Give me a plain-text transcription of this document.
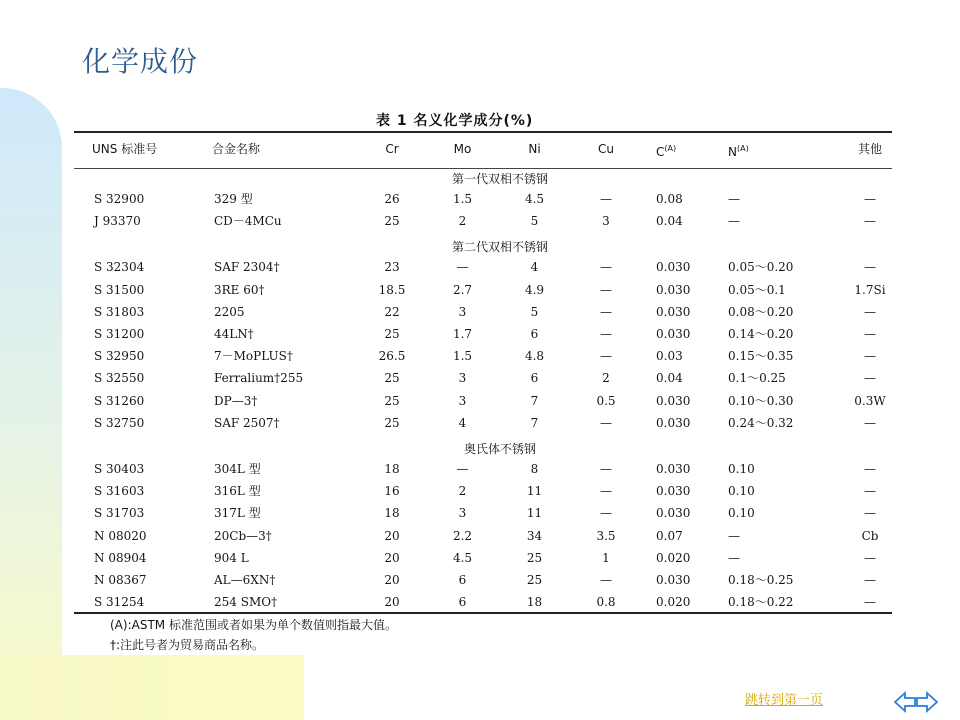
化学成份
表 1 名义化学成分(%)
UNS 标准号	合金名称	Cr	Mo	Ni	Cu	$C^{(A)}$	$N^{(A)}$	其他
第一代双相不锈钢
S 32900	329 型	26	1.5	4.5	—	0.08	—	—
J 93370	CD－4MCu	25	2	5	3	0.04	—	—
第二代双相不锈钢
S 32304	SAF 2304†	23	—	4	—	0.030	0.05～0.20	—
S 31500	3RE 60†	18.5	2.7	4.9	—	0.030	0.05～0.1	1.7Si
S 31803	2205	22	3	5	—	0.030	0.08～0.20	—
S 31200	44LN†	25	1.7	6	—	0.030	0.14～0.20	—
S 32950	7－MoPLUS†	26.5	1.5	4.8	—	0.03	0.15～0.35	—
S 32550	Ferralium†255	25	3	6	2	0.04	0.1～0.25	—
S 31260	DP—3†	25	3	7	0.5	0.030	0.10～0.30	0.3W
S 32750	SAF 2507†	25	4	7	—	0.030	0.24～0.32	—
奥氏体不锈钢
S 30403	304L 型	18	—	8	—	0.030	0.10	—
S 31603	316L 型	16	2	11	—	0.030	0.10	—
S 31703	317L 型	18	3	11	—	0.030	0.10	—
N 08020	20Cb—3†	20	2.2	34	3.5	0.07	—	Cb
N 08904	904 L	20	4.5	25	1	0.020	—	—
N 08367	AL—6XN†	20	6	25	—	0.030	0.18～0.25	—
S 31254	254 SMO†	20	6	18	0.8	0.020	0.18～0.22	—
(A):ASTM 标准范围或者如果为单个数值则指最大值。
†:注此号者为贸易商品名称。
跳转到第一页
